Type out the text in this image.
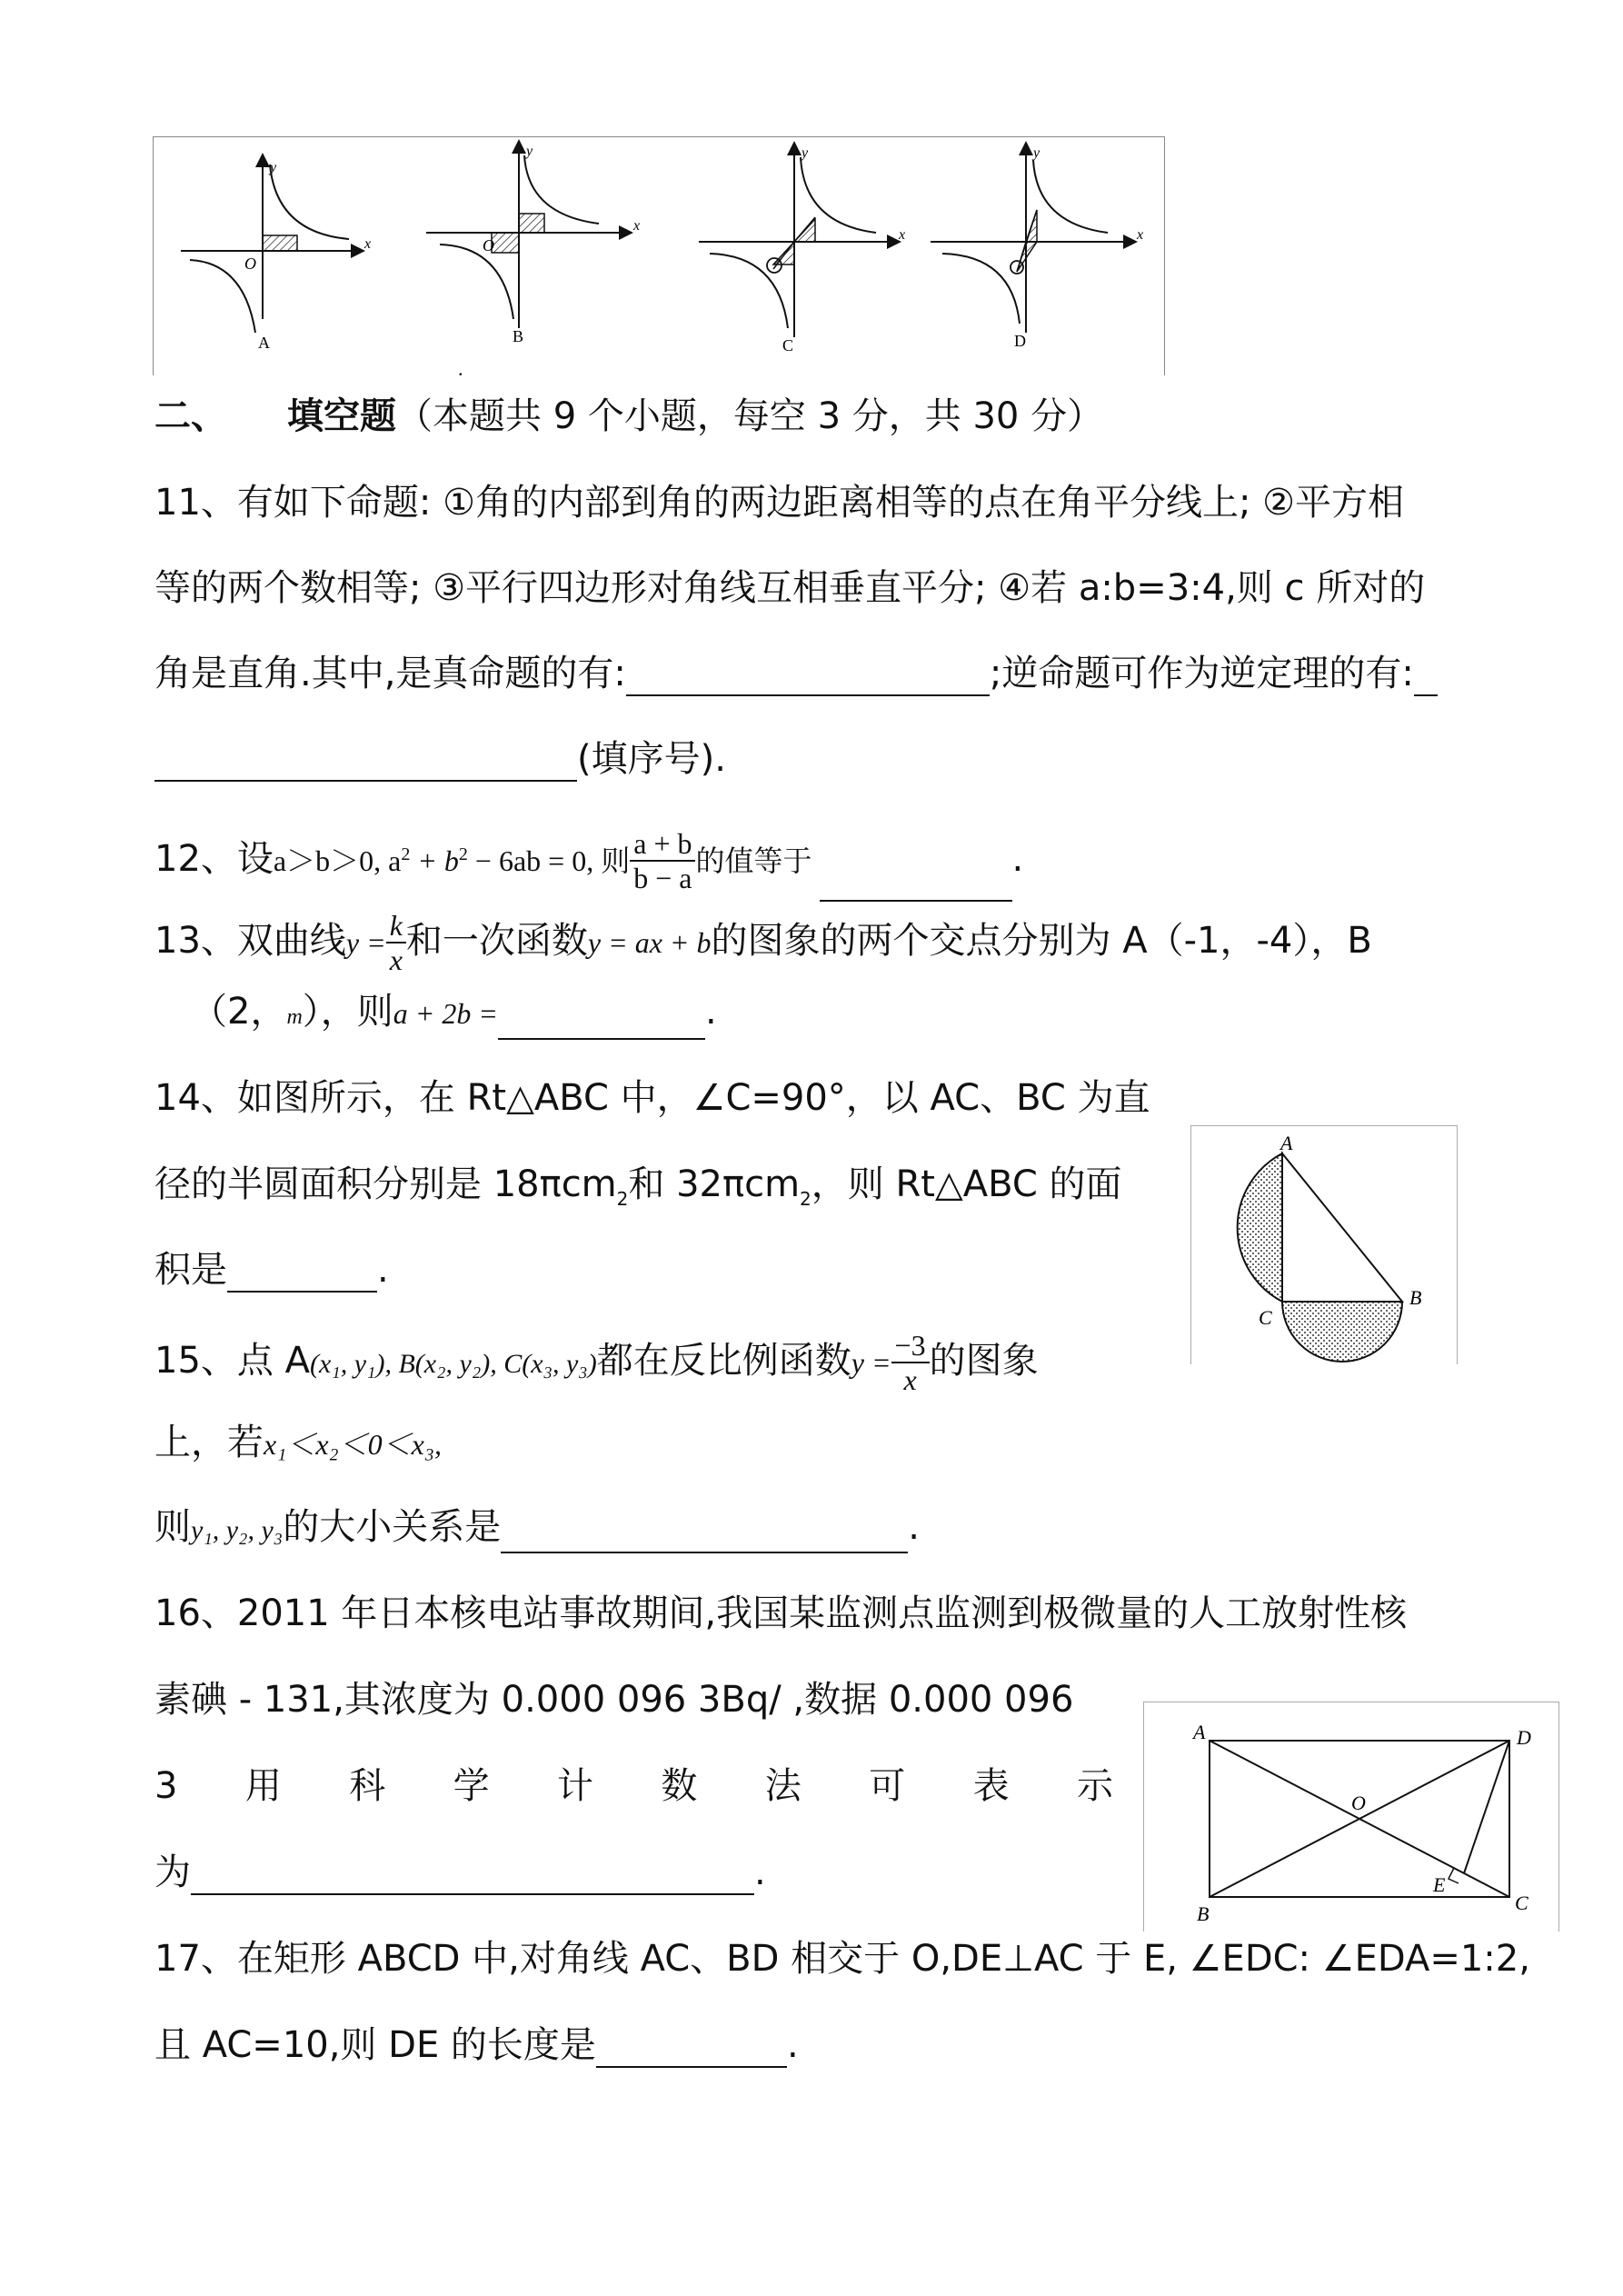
O
x
y
A
O
x
y
B
x
y
C
x
y
D
.
二、 填空题（本题共 9 个小题，每空 3 分，共 30 分）
11、有如下命题: ①角的内部到角的两边距离相等的点在角平分线上; ②平方相
等的两个数相等; ③平行四边形对角线互相垂直平分; ④若 a:b=3:4,则 c 所对的
角是直角.其中,是真命题的有:	;逆命题可作为逆定理的有:
(填序号).
12、设a＞b＞0, $a^2 + b^2 - 6ab = 0$, 则 $\frac{a + b}{b - a}$ 的值等于	.
13、双曲线$y = \frac{k}{x}$ 和一次函数y = ax + b的图象的两个交点分别为 A（-1，-4），B
（2，m），则a + 2b =	.
14、如图所示，在 Rt△ABC 中，∠C=90°，以 AC、BC 为直
径的半圆面积分别是 18πcm$_2$和 32πcm$_2$，则 Rt△ABC 的面
积是	.
A
B
C
15、点 A(x₁, y₁), B(x₂, y₂), C(x₃, y₃)都在反比例函数$y = \frac{-3}{x}$ 的图象
上，若x₁＜x₂＜0＜x₃,
则y₁, y₂, y₃的大小关系是	.
16、2011 年日本核电站事故期间,我国某监测点监测到极微量的人工放射性核
素碘 - 131,其浓度为 0.000 096 3Bq/ ,数据 0.000 096
3 用 科 学 计 数 法 可 表 示
为	.
A	D
O
E
B	C
17、在矩形 ABCD 中,对角线 AC、BD 相交于 O,DE⊥AC 于 E, ∠EDC: ∠EDA=1:2,
且 AC=10,则 DE 的长度是	.
